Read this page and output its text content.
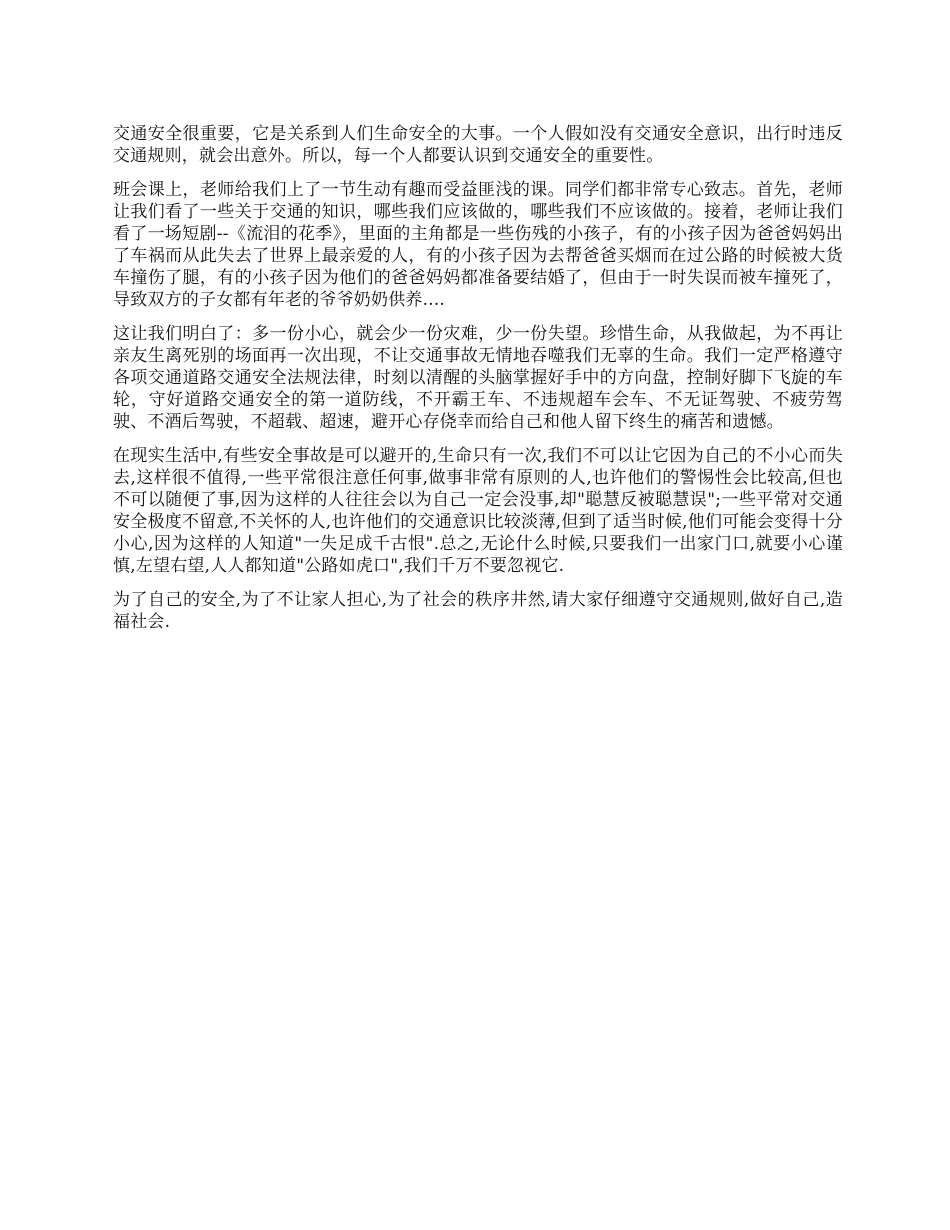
交通安全很重要，它是关系到人们生命安全的大事。一个人假如没有交通安全意识，出行时违反交通规则，就会出意外。所以，每一个人都要认识到交通安全的重要性。

班会课上，老师给我们上了一节生动有趣而受益匪浅的课。同学们都非常专心致志。首先，老师让我们看了一些关于交通的知识，哪些我们应该做的，哪些我们不应该做的。接着，老师让我们看了一场短剧--《流泪的花季》，里面的主角都是一些伤残的小孩子，有的小孩子因为爸爸妈妈出了车祸而从此失去了世界上最亲爱的人，有的小孩子因为去帮爸爸买烟而在过公路的时候被大货车撞伤了腿，有的小孩子因为他们的爸爸妈妈都准备要结婚了，但由于一时失误而被车撞死了，导致双方的子女都有年老的爷爷奶奶供养....

这让我们明白了：多一份小心，就会少一份灾难，少一份失望。珍惜生命，从我做起，为不再让亲友生离死别的场面再一次出现，不让交通事故无情地吞噬我们无辜的生命。我们一定严格遵守各项交通道路交通安全法规法律，时刻以清醒的头脑掌握好手中的方向盘，控制好脚下飞旋的车轮，守好道路交通安全的第一道防线，不开霸王车、不违规超车会车、不无证驾驶、不疲劳驾驶、不酒后驾驶，不超载、超速，避开心存侥幸而给自己和他人留下终生的痛苦和遗憾。

在现实生活中,有些安全事故是可以避开的,生命只有一次,我们不可以让它因为自己的不小心而失去,这样很不值得,一些平常很注意任何事,做事非常有原则的人,也许他们的警惕性会比较高,但也不可以随便了事,因为这样的人往往会以为自己一定会没事,却"聪慧反被聪慧误";一些平常对交通安全极度不留意,不关怀的人,也许他们的交通意识比较淡薄,但到了适当时候,他们可能会变得十分小心,因为这样的人知道"一失足成千古恨".总之,无论什么时候,只要我们一出家门口,就要小心谨慎,左望右望,人人都知道"公路如虎口",我们千万不要忽视它.

为了自己的安全,为了不让家人担心,为了社会的秩序井然,请大家仔细遵守交通规则,做好自己,造福社会.
